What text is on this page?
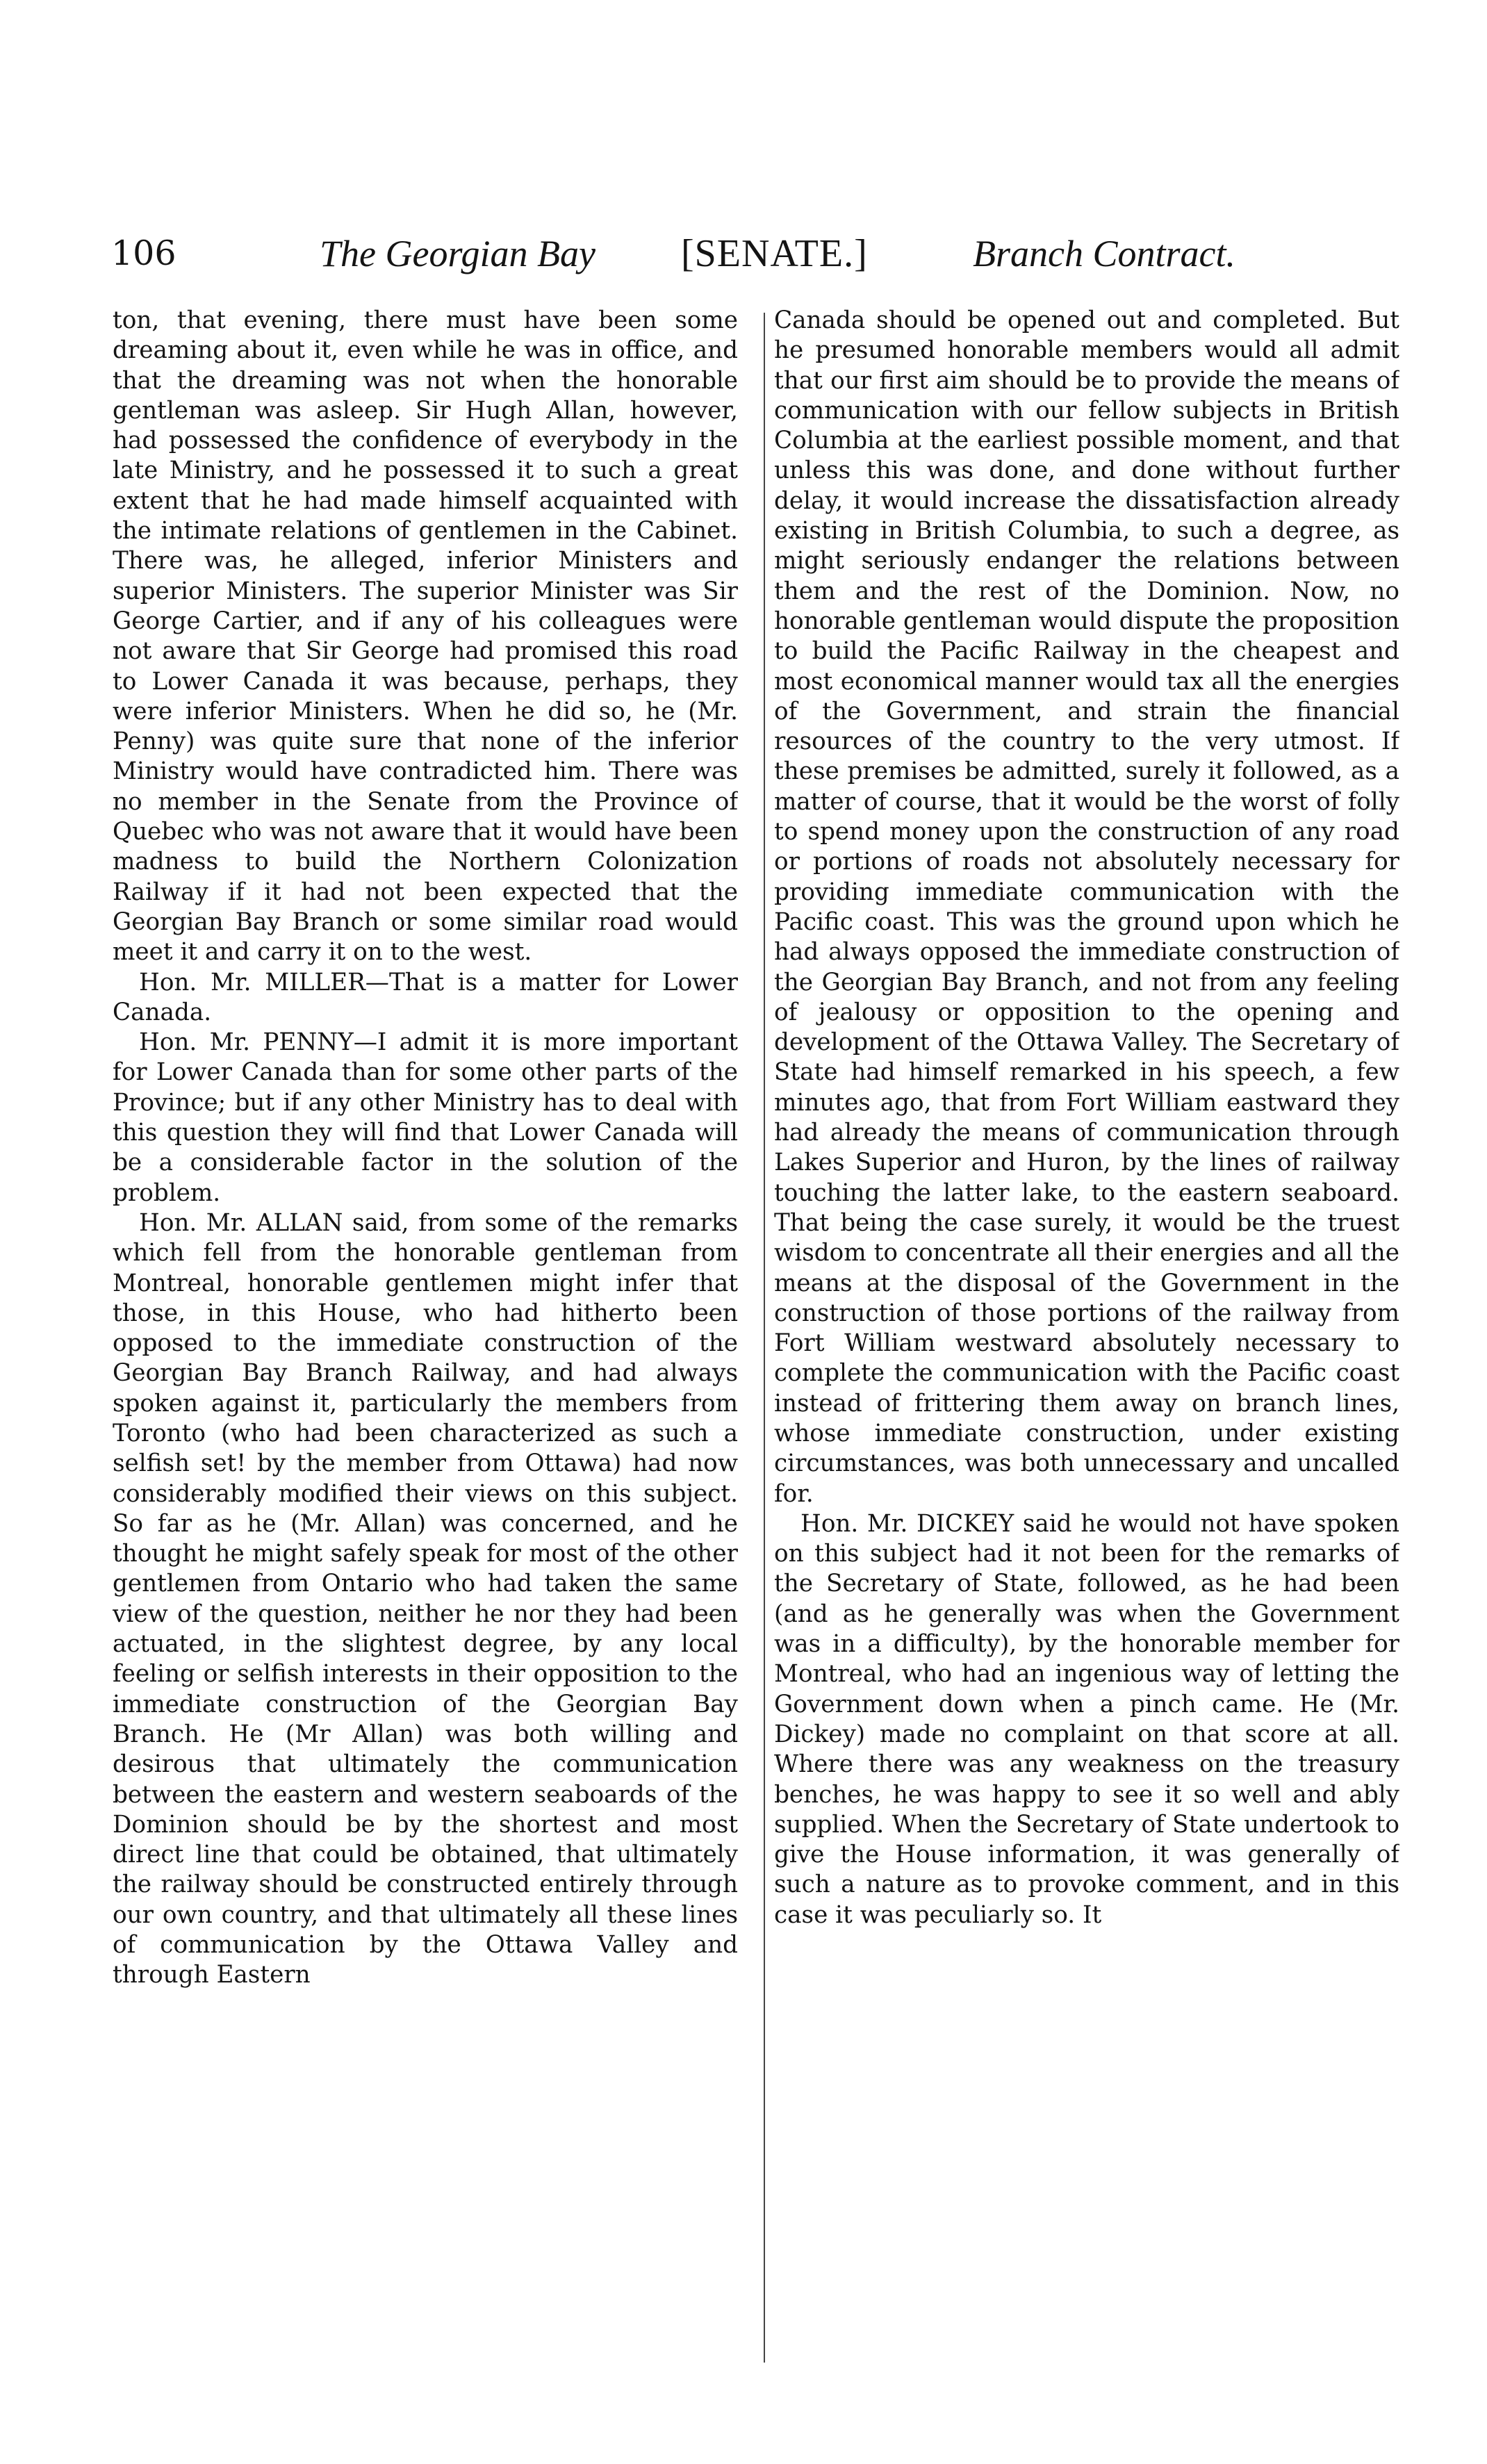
106	The Georgian Bay [SENATE.]	Branch Contract.

ton, that evening, there must have been some dreaming about it, even while he was in office, and that the dreaming was not when the honorable gentleman was asleep. Sir Hugh Allan, however, had possessed the confidence of everybody in the late Ministry, and he possessed it to such a great extent that he had made himself acquainted with the intimate relations of gentlemen in the Cabinet. There was, he alleged, inferior Ministers and superior Ministers. The superior Minister was Sir George Cartier, and if any of his colleagues were not aware that Sir George had promised this road to Lower Canada it was because, perhaps, they were inferior Ministers. When he did so, he (Mr. Penny) was quite sure that none of the inferior Ministry would have contradicted him. There was no member in the Senate from the Province of Quebec who was not aware that it would have been madness to build the Northern Colonization Railway if it had not been expected that the Georgian Bay Branch or some similar road would meet it and carry it on to the west.

Hon. Mr. MILLER—That is a matter for Lower Canada.

Hon. Mr. PENNY—I admit it is more important for Lower Canada than for some other parts of the Province; but if any other Ministry has to deal with this question they will find that Lower Canada will be a considerable factor in the solution of the problem.

Hon. Mr. ALLAN said, from some of the remarks which fell from the honorable gentleman from Montreal, honorable gentlemen might infer that those, in this House, who had hitherto been opposed to the immediate construction of the Georgian Bay Branch Railway, and had always spoken against it, particularly the members from Toronto (who had been characterized as such a selfish set! by the member from Ottawa) had now considerably modified their views on this subject. So far as he (Mr. Allan) was concerned, and he thought he might safely speak for most of the other gentlemen from Ontario who had taken the same view of the question, neither he nor they had been actuated, in the slightest degree, by any local feeling or selfish interests in their opposition to the immediate construction of the Georgian Bay Branch. He (Mr Allan) was both willing and desirous that ultimately the communication between the eastern and western seaboards of the Dominion should be by the shortest and most direct line that could be obtained, that ultimately the railway should be constructed entirely through our own country, and that ultimately all these lines of communication by the Ottawa Valley and through Eastern

Canada should be opened out and completed. But he presumed honorable members would all admit that our first aim should be to provide the means of communication with our fellow subjects in British Columbia at the earliest possible moment, and that unless this was done, and done without further delay, it would increase the dissatisfaction already existing in British Columbia, to such a degree, as might seriously endanger the relations between them and the rest of the Dominion. Now, no honorable gentleman would dispute the proposition to build the Pacific Railway in the cheapest and most economical manner would tax all the energies of the Government, and strain the financial resources of the country to the very utmost. If these premises be admitted, surely it followed, as a matter of course, that it would be the worst of folly to spend money upon the construction of any road or portions of roads not absolutely necessary for providing immediate communication with the Pacific coast. This was the ground upon which he had always opposed the immediate construction of the Georgian Bay Branch, and not from any feeling of jealousy or opposition to the opening and development of the Ottawa Valley. The Secretary of State had himself remarked in his speech, a few minutes ago, that from Fort William eastward they had already the means of communication through Lakes Superior and Huron, by the lines of railway touching the latter lake, to the eastern seaboard. That being the case surely, it would be the truest wisdom to concentrate all their energies and all the means at the disposal of the Government in the construction of those portions of the railway from Fort William westward absolutely necessary to complete the communication with the Pacific coast instead of frittering them away on branch lines, whose immediate construction, under existing circumstances, was both unnecessary and uncalled for.

Hon. Mr. DICKEY said he would not have spoken on this subject had it not been for the remarks of the Secretary of State, followed, as he had been (and as he generally was when the Government was in a difficulty), by the honorable member for Montreal, who had an ingenious way of letting the Government down when a pinch came. He (Mr. Dickey) made no complaint on that score at all. Where there was any weakness on the treasury benches, he was happy to see it so well and ably supplied. When the Secretary of State undertook to give the House information, it was generally of such a nature as to provoke comment, and in this case it was peculiarly so. It
